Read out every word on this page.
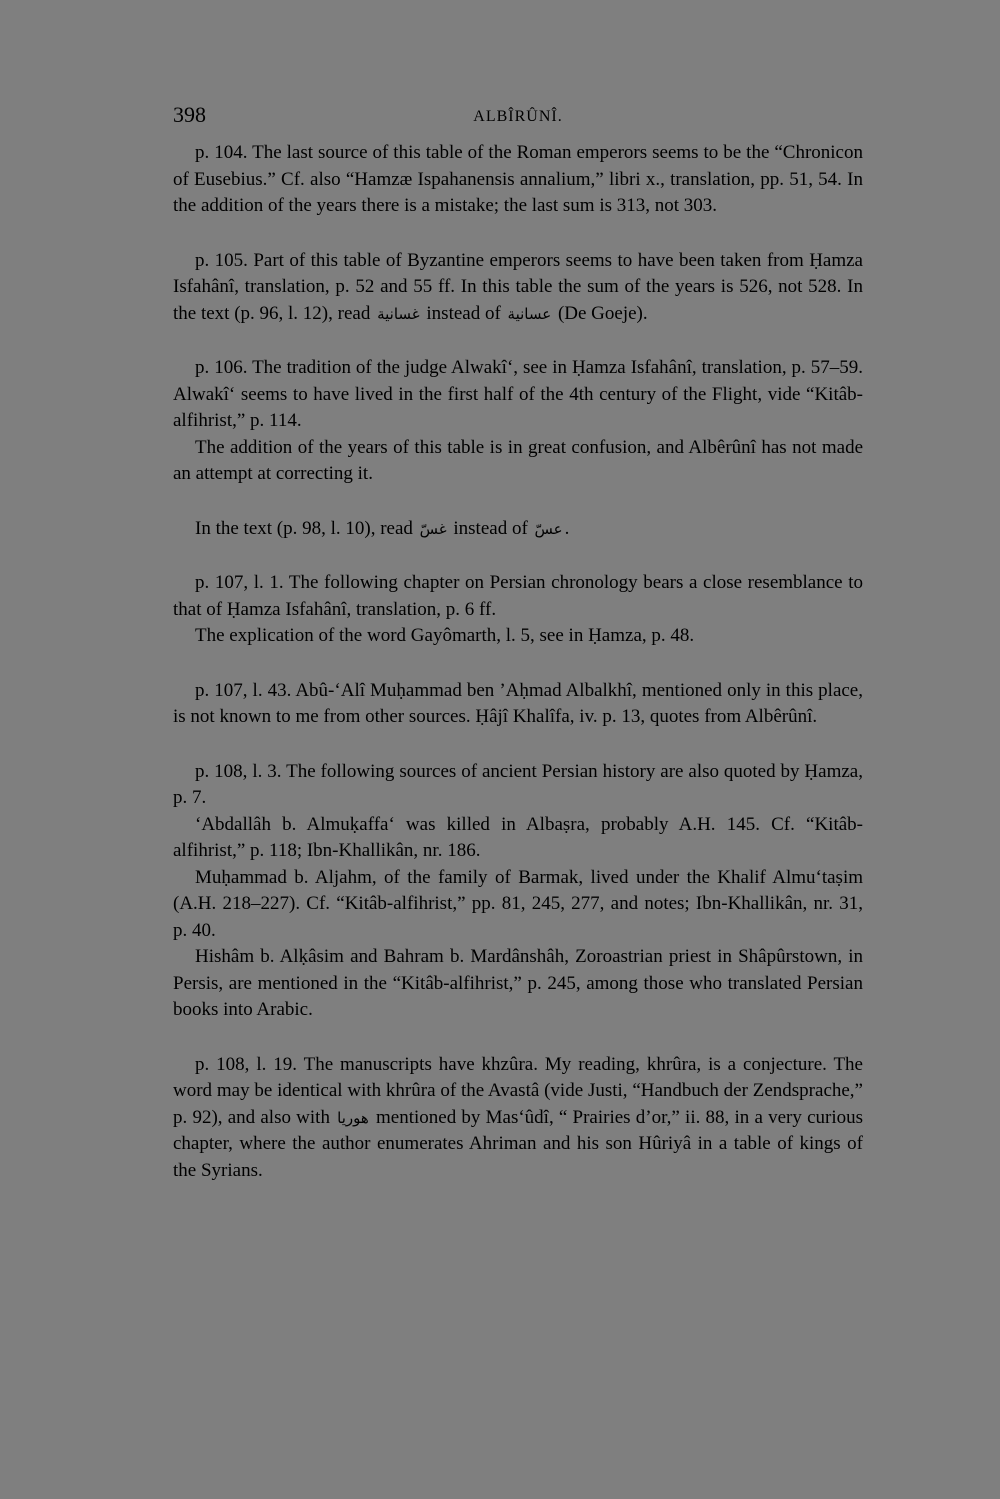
398	ALBÎRÛNÎ.

p. 104. The last source of this table of the Roman emperors seems to be the “Chronicon of Eusebius.” Cf. also “Hamzæ Ispahanensis annalium,” libri x., translation, pp. 51, 54. In the addition of the years there is a mistake; the last sum is 313, not 303.

p. 105. Part of this table of Byzantine emperors seems to have been taken from Ḥamza Isfahânî, translation, p. 52 and 55 ff. In this table the sum of the years is 526, not 528. In the text (p. 96, l. 12), read غسانية instead of عسانية (De Goeje).

p. 106. The tradition of the judge Alwakî‘, see in Ḥamza Isfahânî, translation, p. 57–59. Alwakî‘ seems to have lived in the first half of the 4th century of the Flight, vide “Kitâb-alfihrist,” p. 114.

The addition of the years of this table is in great confusion, and Albêrûnî has not made an attempt at correcting it.

In the text (p. 98, l. 10), read غسّ instead of عسّ .

p. 107, l. 1. The following chapter on Persian chronology bears a close resemblance to that of Ḥamza Isfahânî, translation, p. 6 ff.

The explication of the word Gayômarth, l. 5, see in Ḥamza, p. 48.

p. 107, l. 43. Abû-‘Alî Muḥammad ben ’Aḥmad Albalkhî, mentioned only in this place, is not known to me from other sources. Ḥâjî Khalîfa, iv. p. 13, quotes from Albêrûnî.

p. 108, l. 3. The following sources of ancient Persian history are also quoted by Ḥamza, p. 7.

‘Abdallâh b. Almuḳaffa‘ was killed in Albaṣra, probably A.H. 145. Cf. “Kitâb-alfihrist,” p. 118; Ibn-Khallikân, nr. 186.

Muḥammad b. Aljahm, of the family of Barmak, lived under the Khalif Almu‘taṣim (A.H. 218–227). Cf. “Kitâb-alfihrist,” pp. 81, 245, 277, and notes; Ibn-Khallikân, nr. 31, p. 40.

Hishâm b. Alḳâsim and Bahram b. Mardânshâh, Zoroastrian priest in Shâpûrstown, in Persis, are mentioned in the “Kitâb-alfihrist,” p. 245, among those who translated Persian books into Arabic.

p. 108, l. 19. The manuscripts have khzûra. My reading, khrûra, is a conjecture. The word may be identical with khrûra of the Avastâ (vide Justi, “Handbuch der Zendsprache,” p. 92), and also with هوريا mentioned by Mas‘ûdî, “ Prairies d’or,” ii. 88, in a very curious chapter, where the author enumerates Ahriman and his son Hûriyâ in a table of kings of the Syrians.
